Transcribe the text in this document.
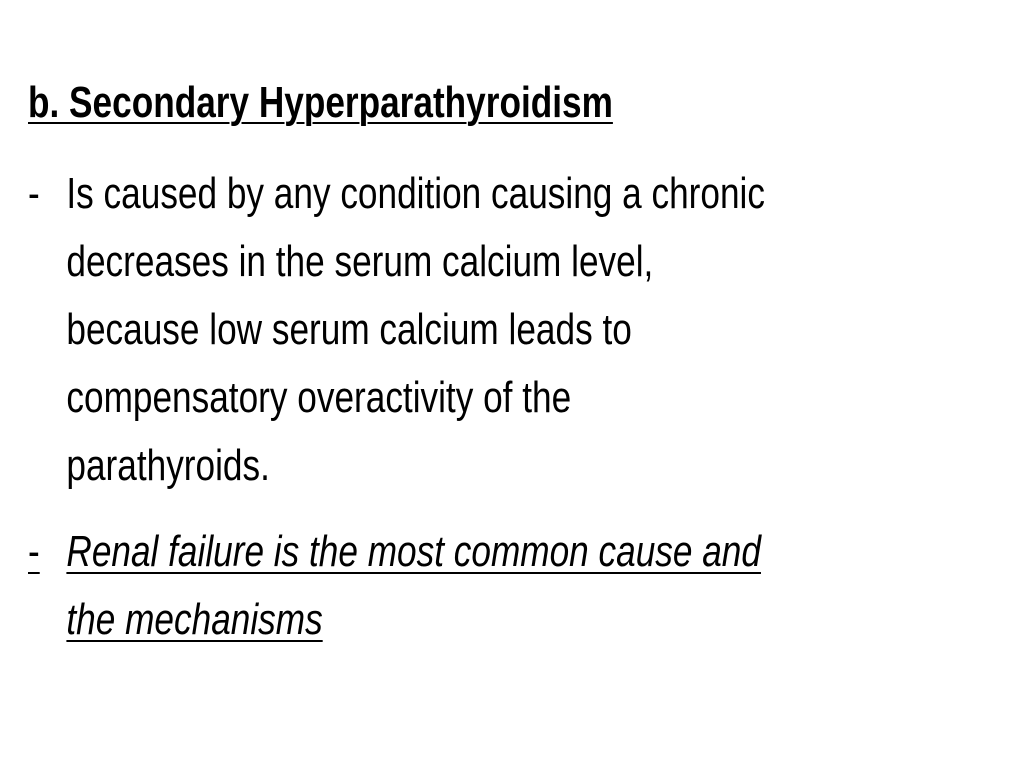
b. Secondary Hyperparathyroidism
- Is caused by any condition causing a chronic
decreases in the serum calcium level,
because low serum calcium leads to
compensatory overactivity of the
parathyroids.
- Renal failure is the most common cause and
the mechanisms
